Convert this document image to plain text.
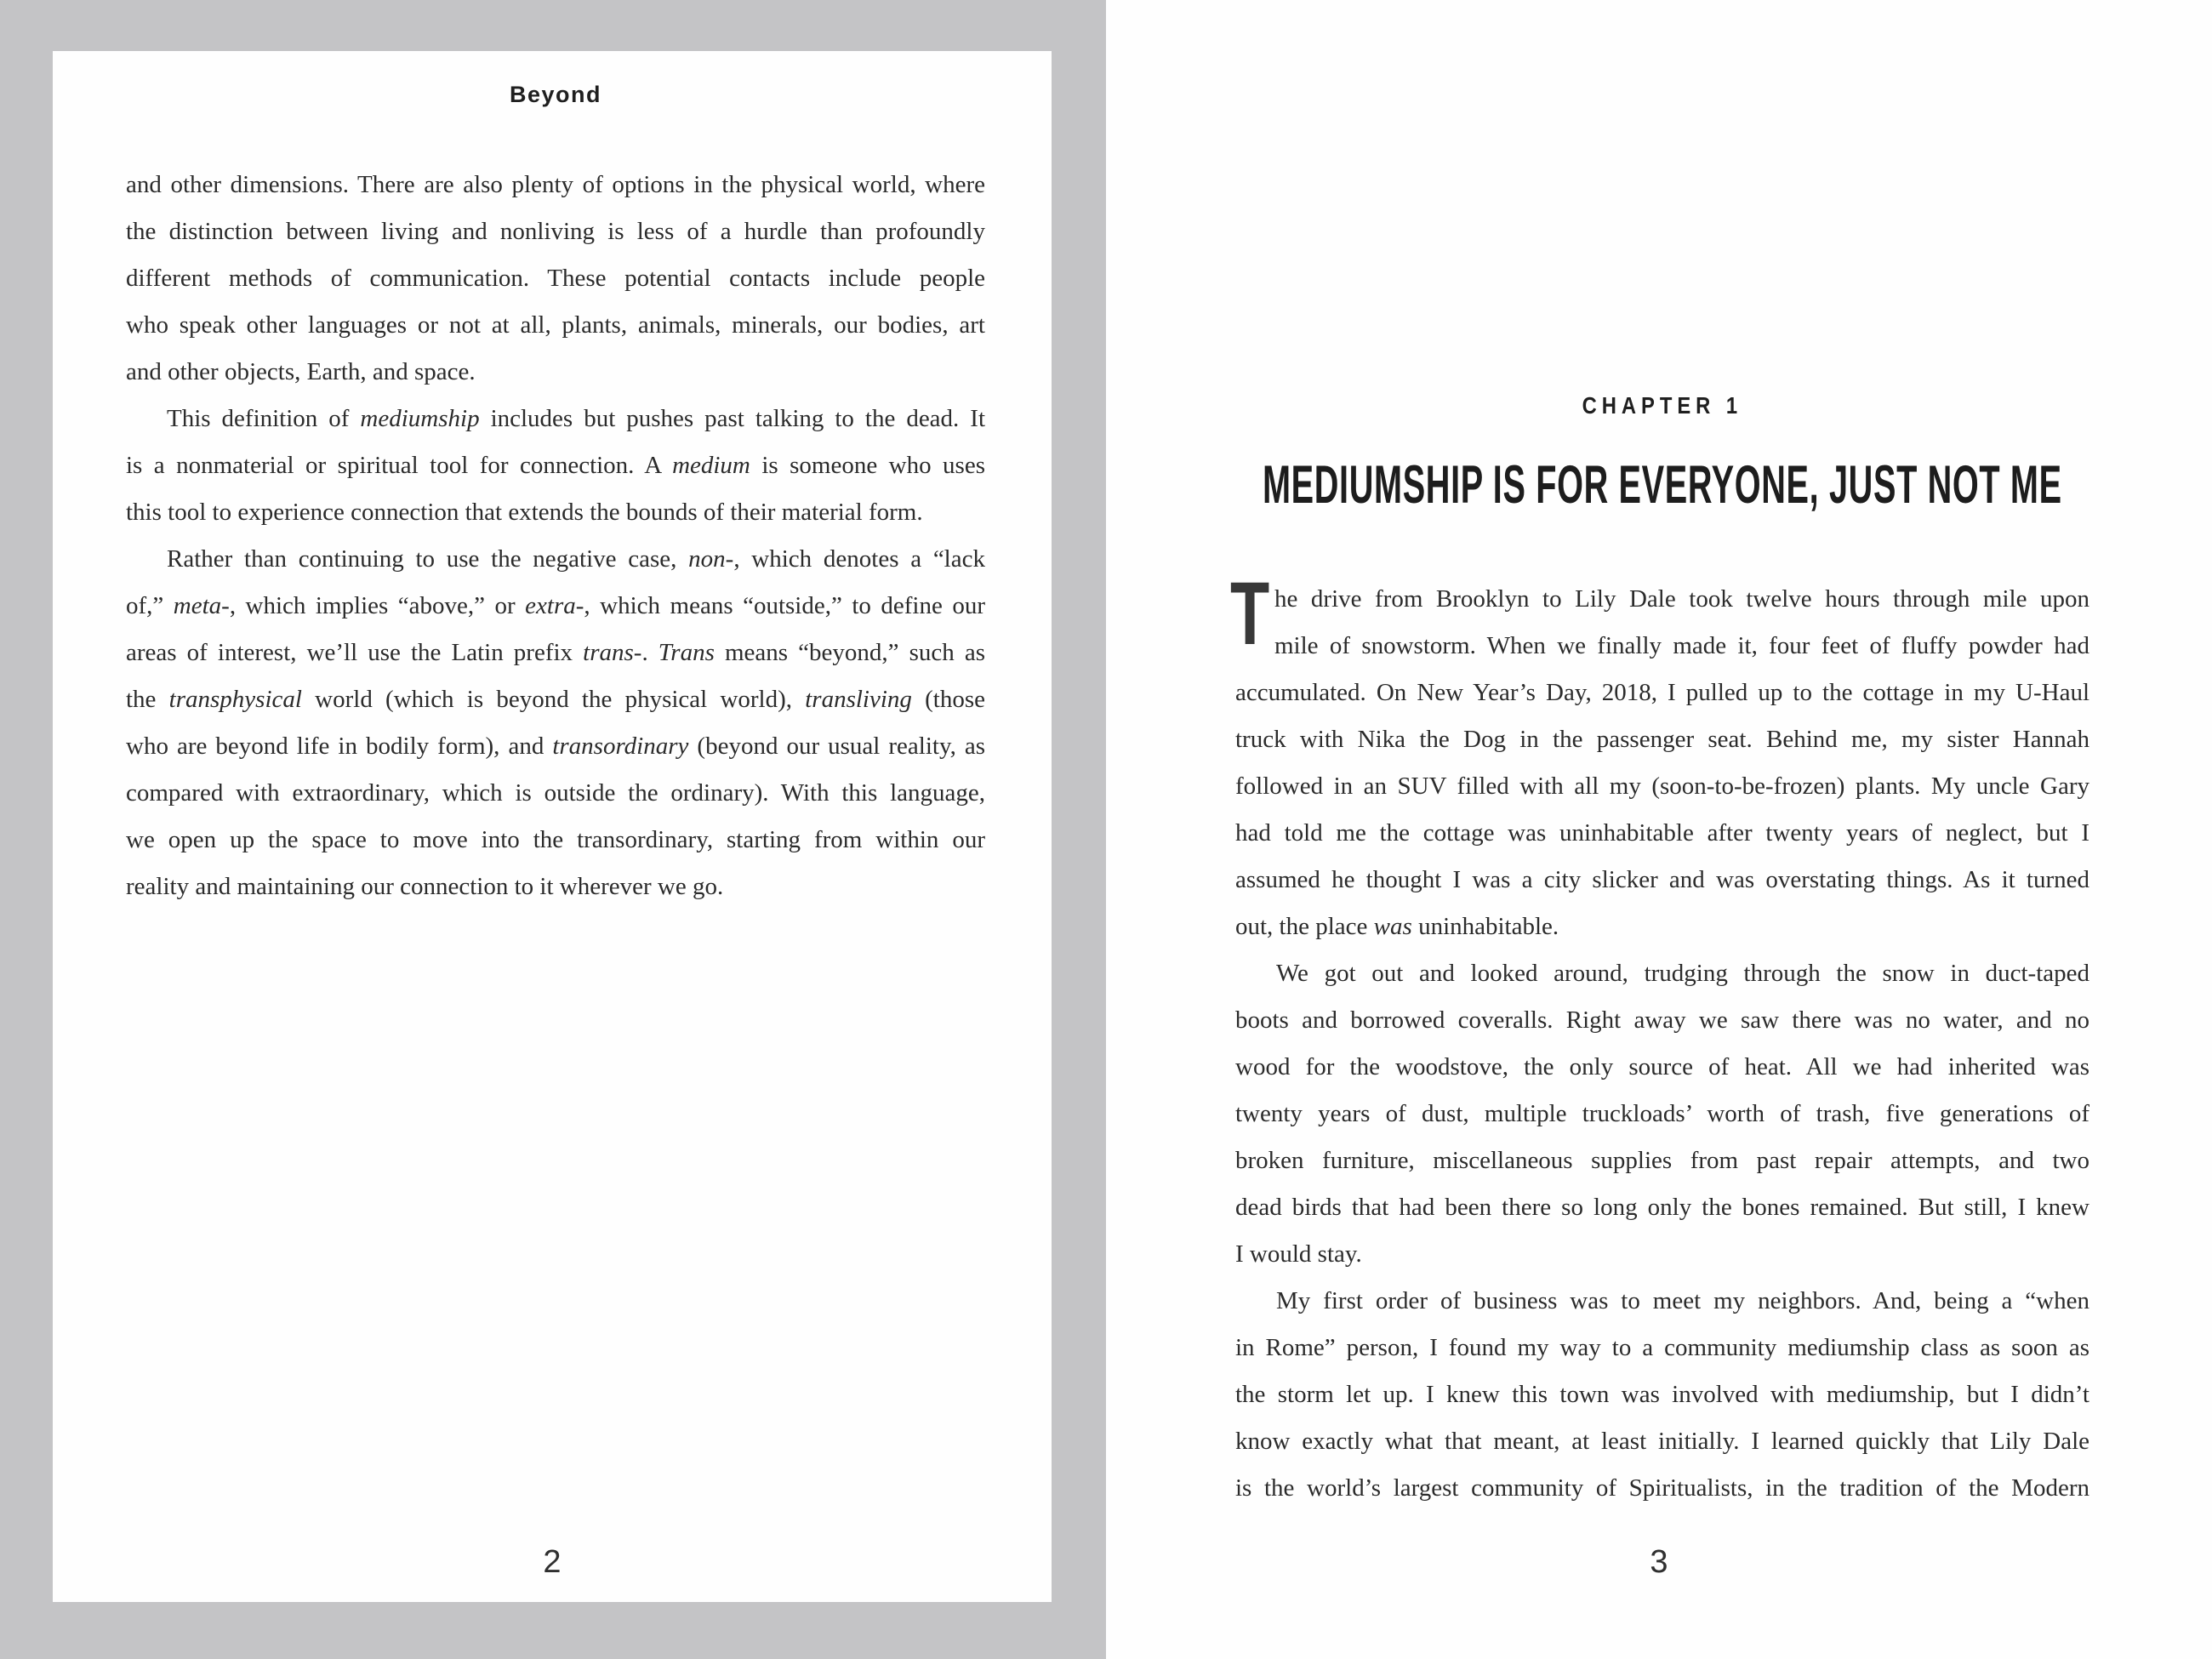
Beyond
and other dimensions. There are also plenty of options in the physical world, where
the distinction between living and nonliving is less of a hurdle than profoundly
different methods of communication. These potential contacts include people
who speak other languages or not at all, plants, animals, minerals, our bodies, art
and other objects, Earth, and space.
This definition of mediumship includes but pushes past talking to the dead. It
is a nonmaterial or spiritual tool for connection. A medium is someone who uses
this tool to experience connection that extends the bounds of their material form.
Rather than continuing to use the negative case, non-, which denotes a “lack
of,” meta-, which implies “above,” or extra-, which means “outside,” to define our
areas of interest, we’ll use the Latin prefix trans-. Trans means “beyond,” such as
the transphysical world (which is beyond the physical world), transliving (those
who are beyond life in bodily form), and transordinary (beyond our usual reality, as
compared with extraordinary, which is outside the ordinary). With this language,
we open up the space to move into the transordinary, starting from within our
reality and maintaining our connection to it wherever we go.
2
CHAPTER 1
MEDIUMSHIP IS FOR EVERYONE, JUST NOT ME
T he drive from Brooklyn to Lily Dale took twelve hours through mile upon
mile of snowstorm. When we finally made it, four feet of fluffy powder had
accumulated. On New Year’s Day, 2018, I pulled up to the cottage in my U-Haul
truck with Nika the Dog in the passenger seat. Behind me, my sister Hannah
followed in an SUV filled with all my (soon-to-be-frozen) plants. My uncle Gary
had told me the cottage was uninhabitable after twenty years of neglect, but I
assumed he thought I was a city slicker and was overstating things. As it turned
out, the place was uninhabitable.
We got out and looked around, trudging through the snow in duct-taped
boots and borrowed coveralls. Right away we saw there was no water, and no
wood for the woodstove, the only source of heat. All we had inherited was
twenty years of dust, multiple truckloads’ worth of trash, five generations of
broken furniture, miscellaneous supplies from past repair attempts, and two
dead birds that had been there so long only the bones remained. But still, I knew
I would stay.
My first order of business was to meet my neighbors. And, being a “when
in Rome” person, I found my way to a community mediumship class as soon as
the storm let up. I knew this town was involved with mediumship, but I didn’t
know exactly what that meant, at least initially. I learned quickly that Lily Dale
is the world’s largest community of Spiritualists, in the tradition of the Modern
3
